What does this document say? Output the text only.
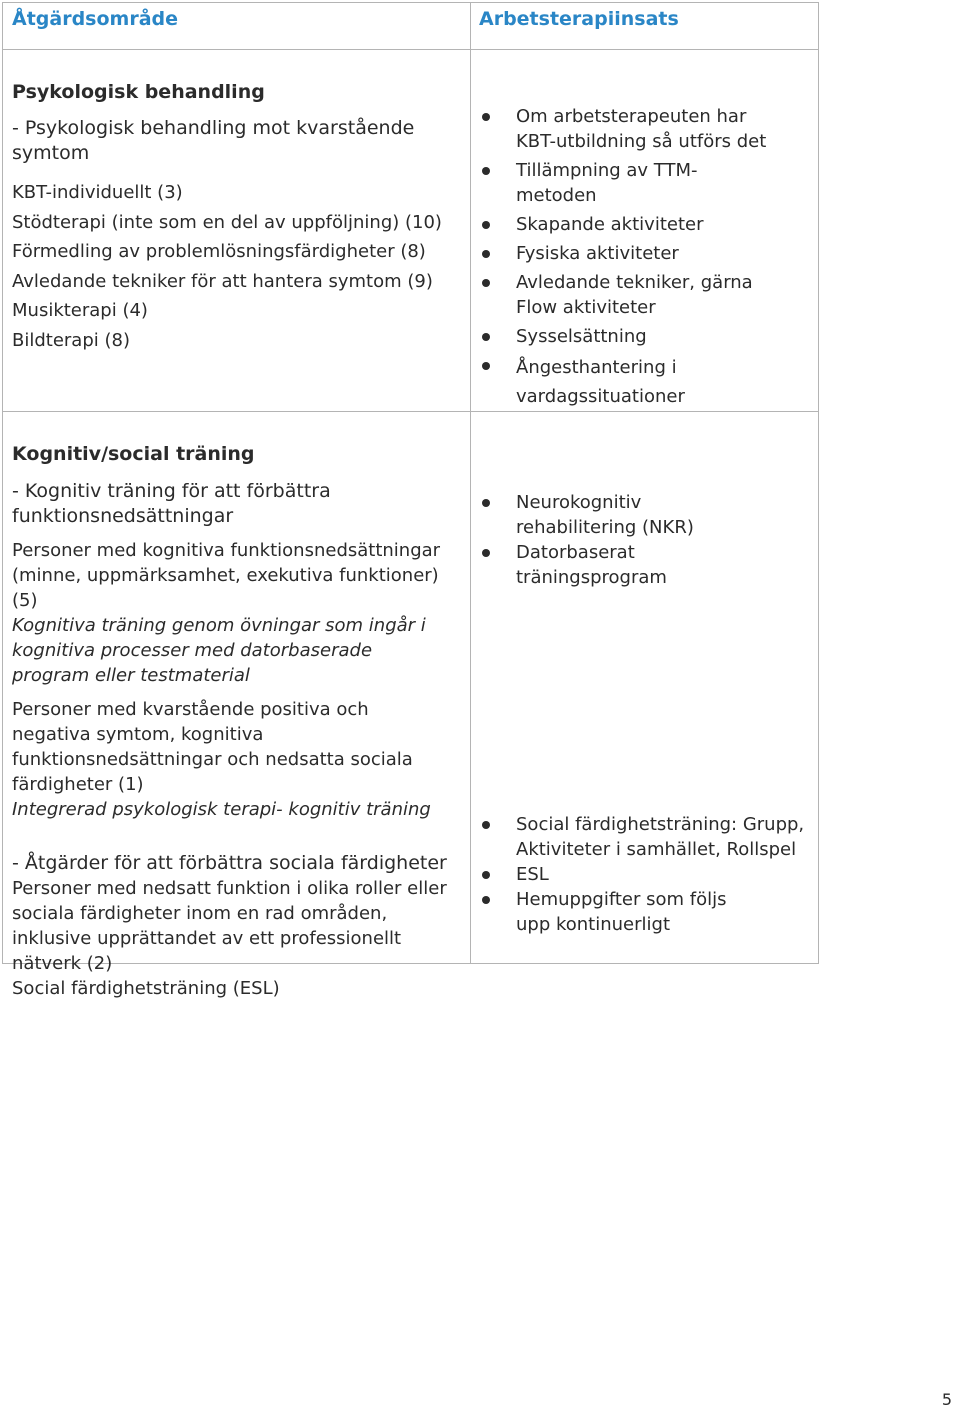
Åtgärdsområde	Arbetsterapiinsats
Psykologisk behandling
- Psykologisk behandling mot kvarstående symtom
KBT-individuellt (3)
Stödterapi (inte som en del av uppföljning) (10)
Förmedling av problemlösningsfärdigheter (8)
Avledande tekniker för att hantera symtom (9)
Musikterapi (4)
Bildterapi (8)
Om arbetsterapeuten har KBT-utbildning så utförs det
Tillämpning av TTM-metoden
Skapande aktiviteter
Fysiska aktiviteter
Avledande tekniker, gärna Flow aktiviteter
Sysselsättning
Ångesthantering i vardagssituationer
Kognitiv/social träning
- Kognitiv träning för att förbättra funktionsnedsättningar
Personer med kognitiva funktionsnedsättningar (minne, uppmärksamhet, exekutiva funktioner) (5)
Kognitiva träning genom övningar som ingår i kognitiva processer med datorbaserade program eller testmaterial
Personer med kvarstående positiva och negativa symtom, kognitiva funktionsnedsättningar och nedsatta sociala färdigheter (1)
Integrerad psykologisk terapi- kognitiv träning
- Åtgärder för att förbättra sociala färdigheter
Personer med nedsatt funktion i olika roller eller sociala färdigheter inom en rad områden, inklusive upprättandet av ett professionellt nätverk (2)
Social färdighetsträning (ESL)
Neurokognitiv rehabilitering (NKR)
Datorbaserat träningsprogram
Social färdighetsträning: Grupp, Aktiviteter i samhället, Rollspel
ESL
Hemuppgifter som följs upp kontinuerligt
5
